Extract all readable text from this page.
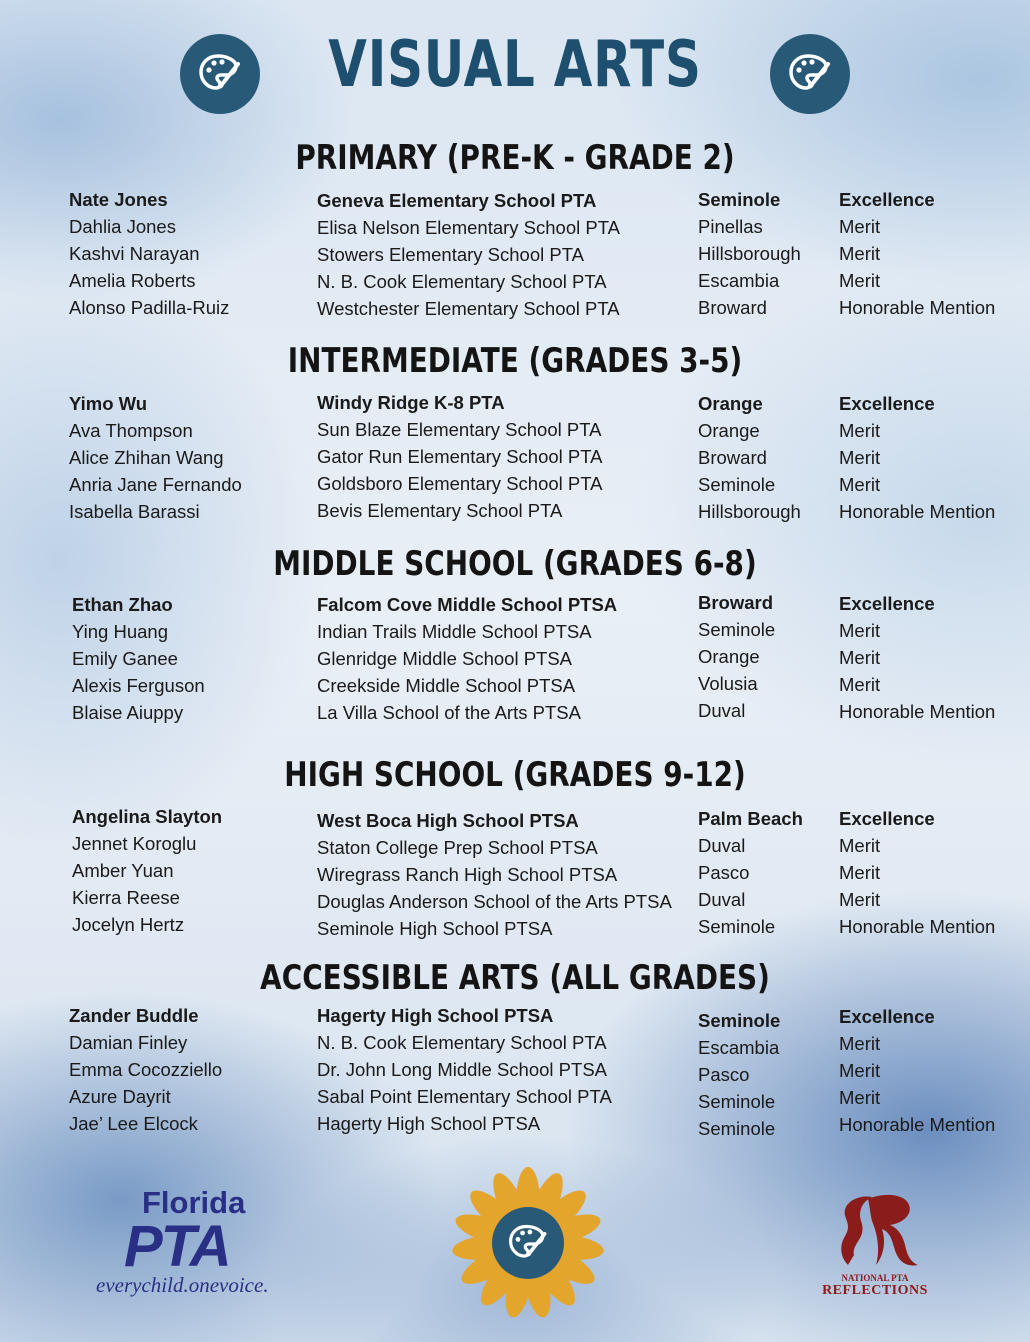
VISUAL ARTS
PRIMARY (PRE-K - GRADE 2)
Nate Jones
Dahlia Jones
Kashvi Narayan
Amelia Roberts
Alonso Padilla-Ruiz
Geneva Elementary School PTA
Elisa Nelson Elementary School PTA
Stowers Elementary School PTA
N. B. Cook Elementary School PTA
Westchester Elementary School PTA
Seminole
Pinellas
Hillsborough
Escambia
Broward
Excellence
Merit
Merit
Merit
Honorable Mention
INTERMEDIATE (GRADES 3-5)
Yimo Wu
Ava Thompson
Alice Zhihan Wang
Anria Jane Fernando
Isabella Barassi
Windy Ridge K-8 PTA
Sun Blaze Elementary School PTA
Gator Run Elementary School PTA
Goldsboro Elementary School PTA
Bevis Elementary School PTA
Orange
Orange
Broward
Seminole
Hillsborough
Excellence
Merit
Merit
Merit
Honorable Mention
MIDDLE SCHOOL (GRADES 6-8)
Ethan Zhao
Ying Huang
Emily Ganee
Alexis Ferguson
Blaise Aiuppy
Falcom Cove Middle School PTSA
Indian Trails Middle School PTSA
Glenridge Middle School PTSA
Creekside Middle School PTSA
La Villa School of the Arts PTSA
Broward
Seminole
Orange
Volusia
Duval
Excellence
Merit
Merit
Merit
Honorable Mention
HIGH SCHOOL (GRADES 9-12)
Angelina Slayton
Jennet Koroglu
Amber Yuan
Kierra Reese
Jocelyn Hertz
West Boca High School PTSA
Staton College Prep School PTSA
Wiregrass Ranch High School PTSA
Douglas Anderson School of the Arts PTSA
Seminole High School PTSA
Palm Beach
Duval
Pasco
Duval
Seminole
Excellence
Merit
Merit
Merit
Honorable Mention
ACCESSIBLE ARTS (ALL GRADES)
Zander Buddle
Damian Finley
Emma Cocozziello
Azure Dayrit
Jae’ Lee Elcock
Hagerty High School PTSA
N. B. Cook Elementary School PTA
Dr. John Long Middle School PTSA
Sabal Point Elementary School PTA
Hagerty High School PTSA
Seminole
Escambia
Pasco
Seminole
Seminole
Excellence
Merit
Merit
Merit
Honorable Mention
Florida
PTA
everychild.onevoice.	NATIONAL PTA
REFLECTIONS
